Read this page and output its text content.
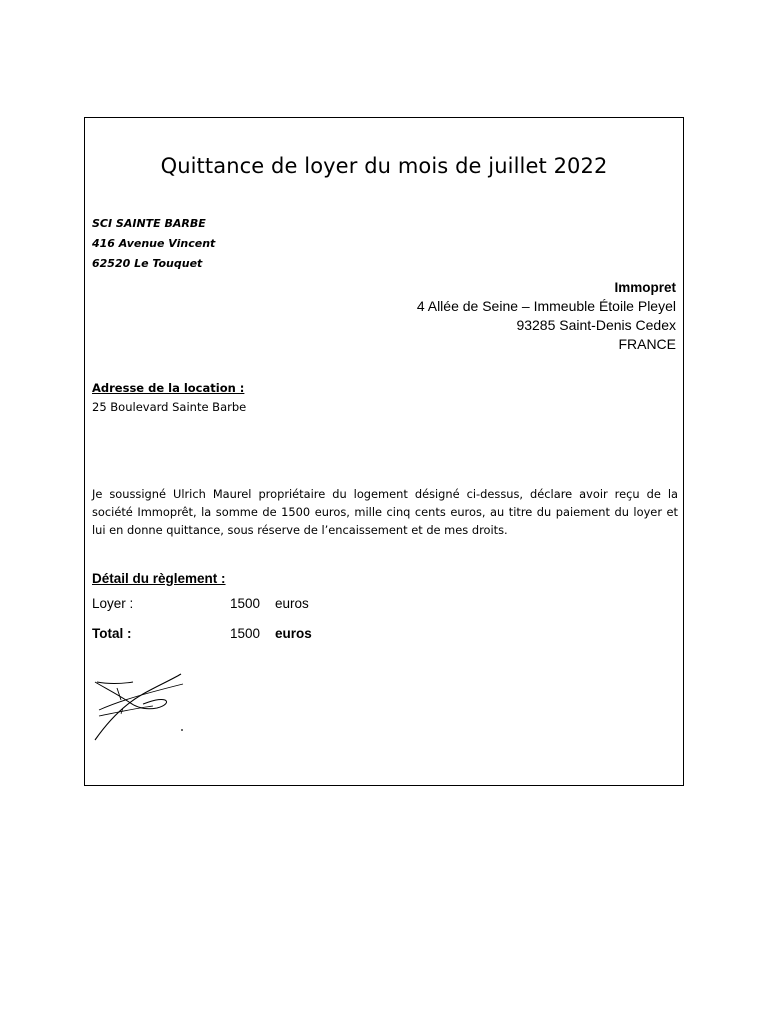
Quittance de loyer du mois de juillet 2022
SCI SAINTE BARBE
416 Avenue Vincent
62520 Le Touquet
Immopret
4 Allée de Seine – Immeuble Étoile Pleyel
93285 Saint-Denis Cedex
FRANCE
Adresse de la location :
25 Boulevard Sainte Barbe
Je soussigné Ulrich Maurel propriétaire du logement désigné ci-dessus, déclare avoir reçu de la société Immoprêt, la somme de 1500 euros, mille cinq cents euros, au titre du paiement du loyer et lui en donne quittance, sous réserve de l’encaissement et de mes droits.
Détail du règlement :
Loyer :	1500 euros
Total :	1500 euros
